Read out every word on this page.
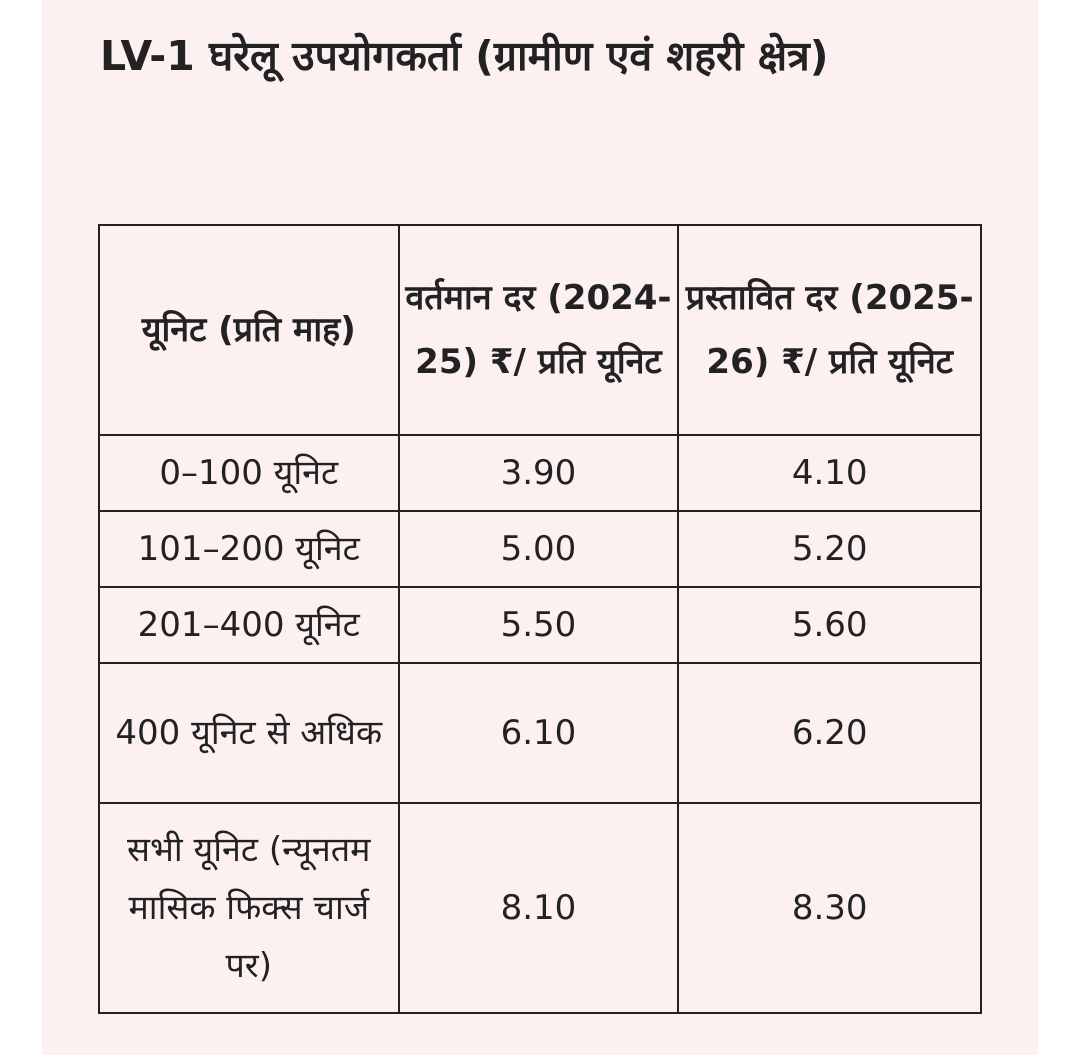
LV-1 घरेलू उपयोगकर्ता (ग्रामीण एवं शहरी क्षेत्र)
यूनिट (प्रति माह)	वर्तमान दर (2024-25) ₹/ प्रति यूनिट	प्रस्तावित दर (2025-26) ₹/ प्रति यूनिट
0–100 यूनिट	3.90	4.10
101–200 यूनिट	5.00	5.20
201–400 यूनिट	5.50	5.60
400 यूनिट से अधिक	6.10	6.20
सभी यूनिट (न्यूनतम मासिक फिक्स चार्ज पर)	8.10	8.30
